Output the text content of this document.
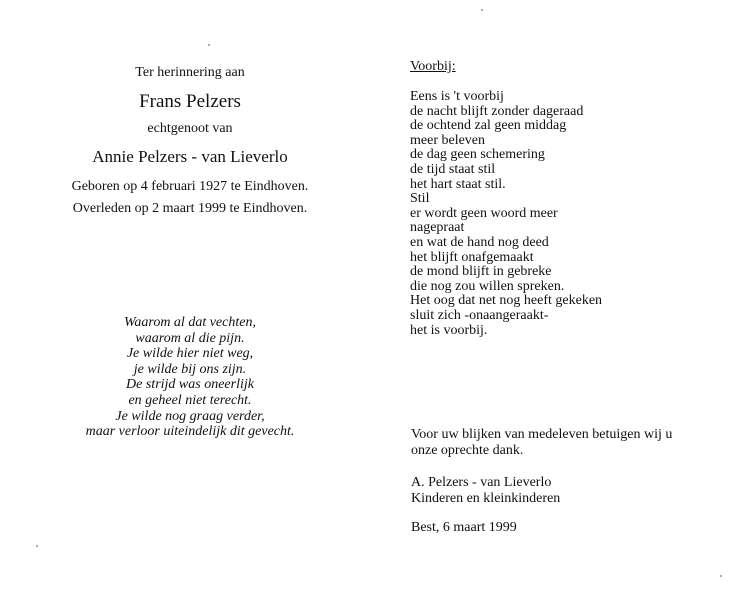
Ter herinnering aan
Frans Pelzers
echtgenoot van
Annie Pelzers - van Lieverlo
Geboren op 4 februari 1927 te Eindhoven.
Overleden op 2 maart 1999 te Eindhoven.
Waarom al dat vechten,
waarom al die pijn.
Je wilde hier niet weg,
je wilde bij ons zijn.
De strijd was oneerlijk
en geheel niet terecht.
Je wilde nog graag verder,
maar verloor uiteindelijk dit gevecht.
Voorbij:
Eens is 't voorbij
de nacht blijft zonder dageraad
de ochtend zal geen middag
meer beleven
de dag geen schemering
de tijd staat stil
het hart staat stil.
Stil
er wordt geen woord meer
nagepraat
en wat de hand nog deed
het blijft onafgemaakt
de mond blijft in gebreke
die nog zou willen spreken.
Het oog dat net nog heeft gekeken
sluit zich -onaangeraakt-
het is voorbij.
Voor uw blijken van medeleven betuigen wij u
onze oprechte dank.
A. Pelzers - van Lieverlo
Kinderen en kleinkinderen
Best, 6 maart 1999
